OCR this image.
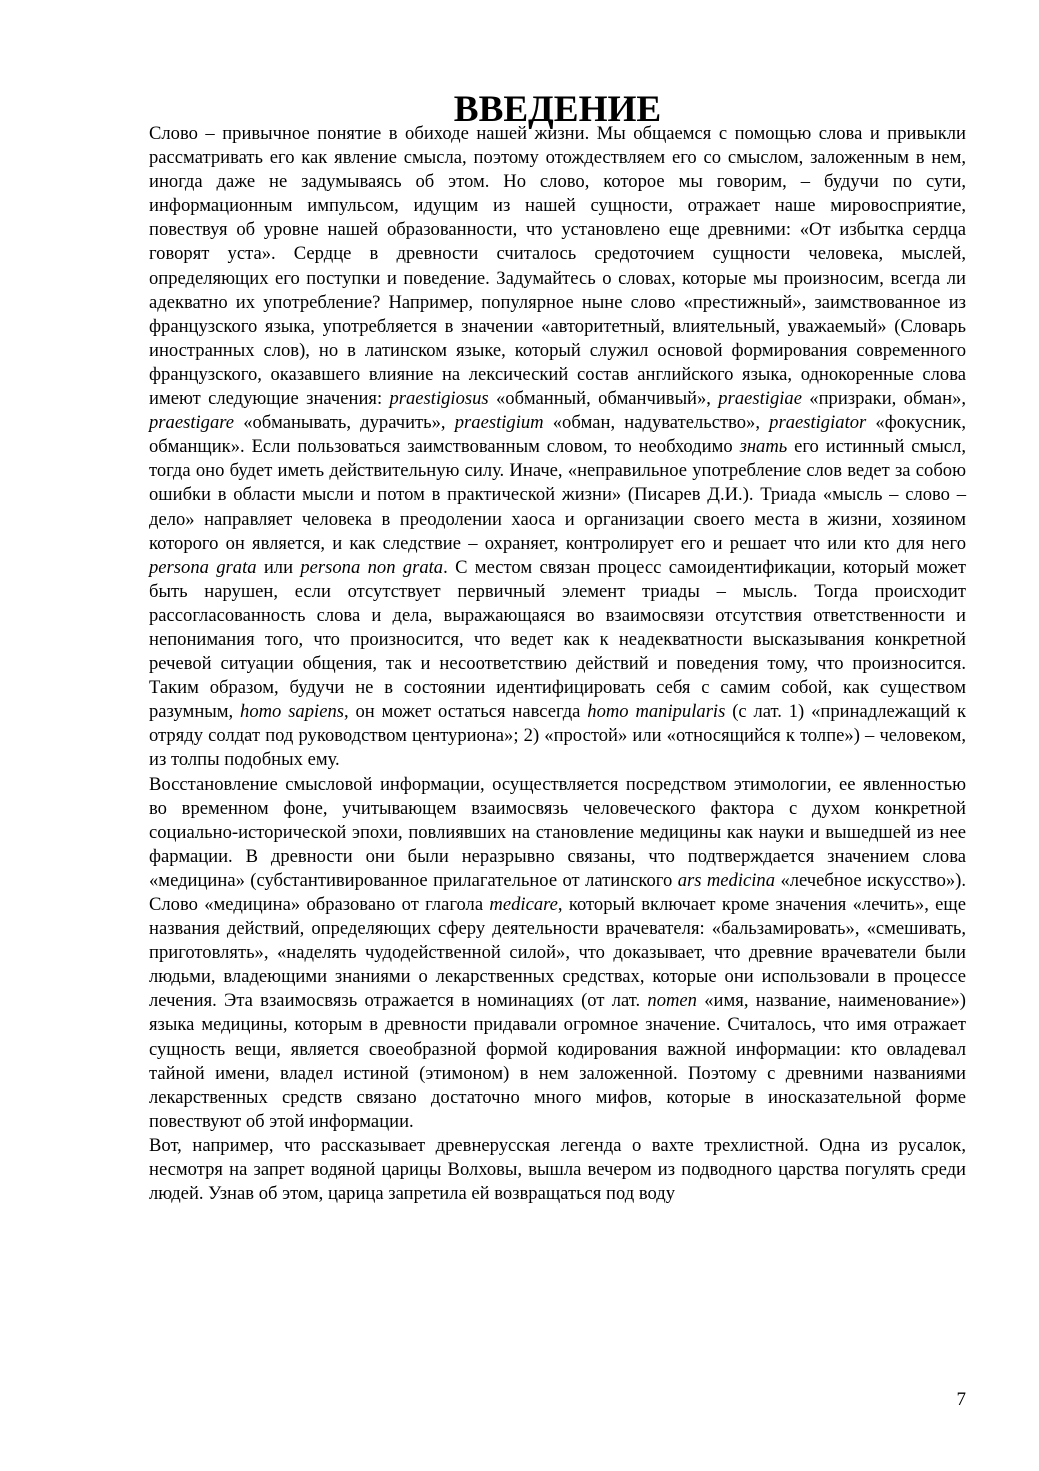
ВВЕДЕНИЕ

Слово – привычное понятие в обиходе нашей жизни. Мы общаемся с помощью слова и привыкли рассматривать его как явление смысла, поэтому отождествляем его со смыслом, заложенным в нем, иногда даже не задумываясь об этом. Но слово, которое мы говорим, – будучи по сути, информационным импульсом, идущим из нашей сущности, отражает наше мировосприятие, повествуя об уровне нашей образованности, что установлено еще древними: «От избытка сердца говорят уста». Сердце в древности считалось средоточием сущности человека, мыслей, определяющих его поступки и поведение. Задумайтесь о словах, которые мы произносим, всегда ли адекватно их употребление? Например, популярное ныне слово «престижный», заимствованное из французского языка, употребляется в значении «авторитетный, влиятельный, уважаемый» (Словарь иностранных слов), но в латинском языке, который служил основой формирования современного французского, оказавшего влияние на лексический состав английского языка, однокоренные слова имеют следующие значения: praestigiosus «обманный, обманчивый», praestigiae «призраки, обман», praestigare «обманывать, дурачить», praestigium «обман, надувательство», praestigiator «фокусник, обманщик». Если пользоваться заимствованным словом, то необходимо знать его истинный смысл, тогда оно будет иметь действительную силу. Иначе, «неправильное употребление слов ведет за собою ошибки в области мысли и потом в практической жизни» (Писарев Д.И.). Триада «мысль – слово – дело» направляет человека в преодолении хаоса и организации своего места в жизни, хозяином которого он является, и как следствие – охраняет, контролирует его и решает что или кто для него persona grata или persona non grata. С местом связан процесс самоидентификации, который может быть нарушен, если отсутствует первичный элемент триады – мысль. Тогда происходит рассогласованность слова и дела, выражающаяся во взаимосвязи отсутствия ответственности и непонимания того, что произносится, что ведет как к неадекватности высказывания конкретной речевой ситуации общения, так и несоответствию действий и поведения тому, что произносится. Таким образом, будучи не в состоянии идентифицировать себя с самим собой, как существом разумным, homo sapiens, он может остаться навсегда homo manipularis (с лат. 1) «принадлежащий к отряду солдат под руководством центуриона»; 2) «простой» или «относящийся к толпе») – человеком, из толпы подобных ему.

Восстановление смысловой информации, осуществляется посредством этимологии, ее явленностью во временном фоне, учитывающем взаимосвязь человеческого фактора с духом конкретной социально-исторической эпохи, повлиявших на становление медицины как науки и вышедшей из нее фармации. В древности они были неразрывно связаны, что подтверждается значением слова «медицина» (субстантивированное прилагательное от латинского ars medicina «лечебное искусство»). Слово «медицина» образовано от глагола medicare, который включает кроме значения «лечить», еще названия действий, определяющих сферу деятельности врачевателя: «бальзамировать», «смешивать, приготовлять», «наделять чудодейственной силой», что доказывает, что древние врачеватели были людьми, владеющими знаниями о лекарственных средствах, которые они использовали в процессе лечения. Эта взаимосвязь отражается в номинациях (от лат. nomen «имя, название, наименование») языка медицины, которым в древности придавали огромное значение. Считалось, что имя отражает сущность вещи, является своеобразной формой кодирования важной информации: кто овладевал тайной имени, владел истиной (этимоном) в нем заложенной. Поэтому с древними названиями лекарственных средств связано достаточно много мифов, которые в иносказательной форме повествуют об этой информации.

Вот, например, что рассказывает древнерусская легенда о вахте трехлистной. Одна из русалок, несмотря на запрет водяной царицы Волховы, вышла вечером из подводного царства погулять среди людей. Узнав об этом, царица запретила ей возвращаться под воду

7
